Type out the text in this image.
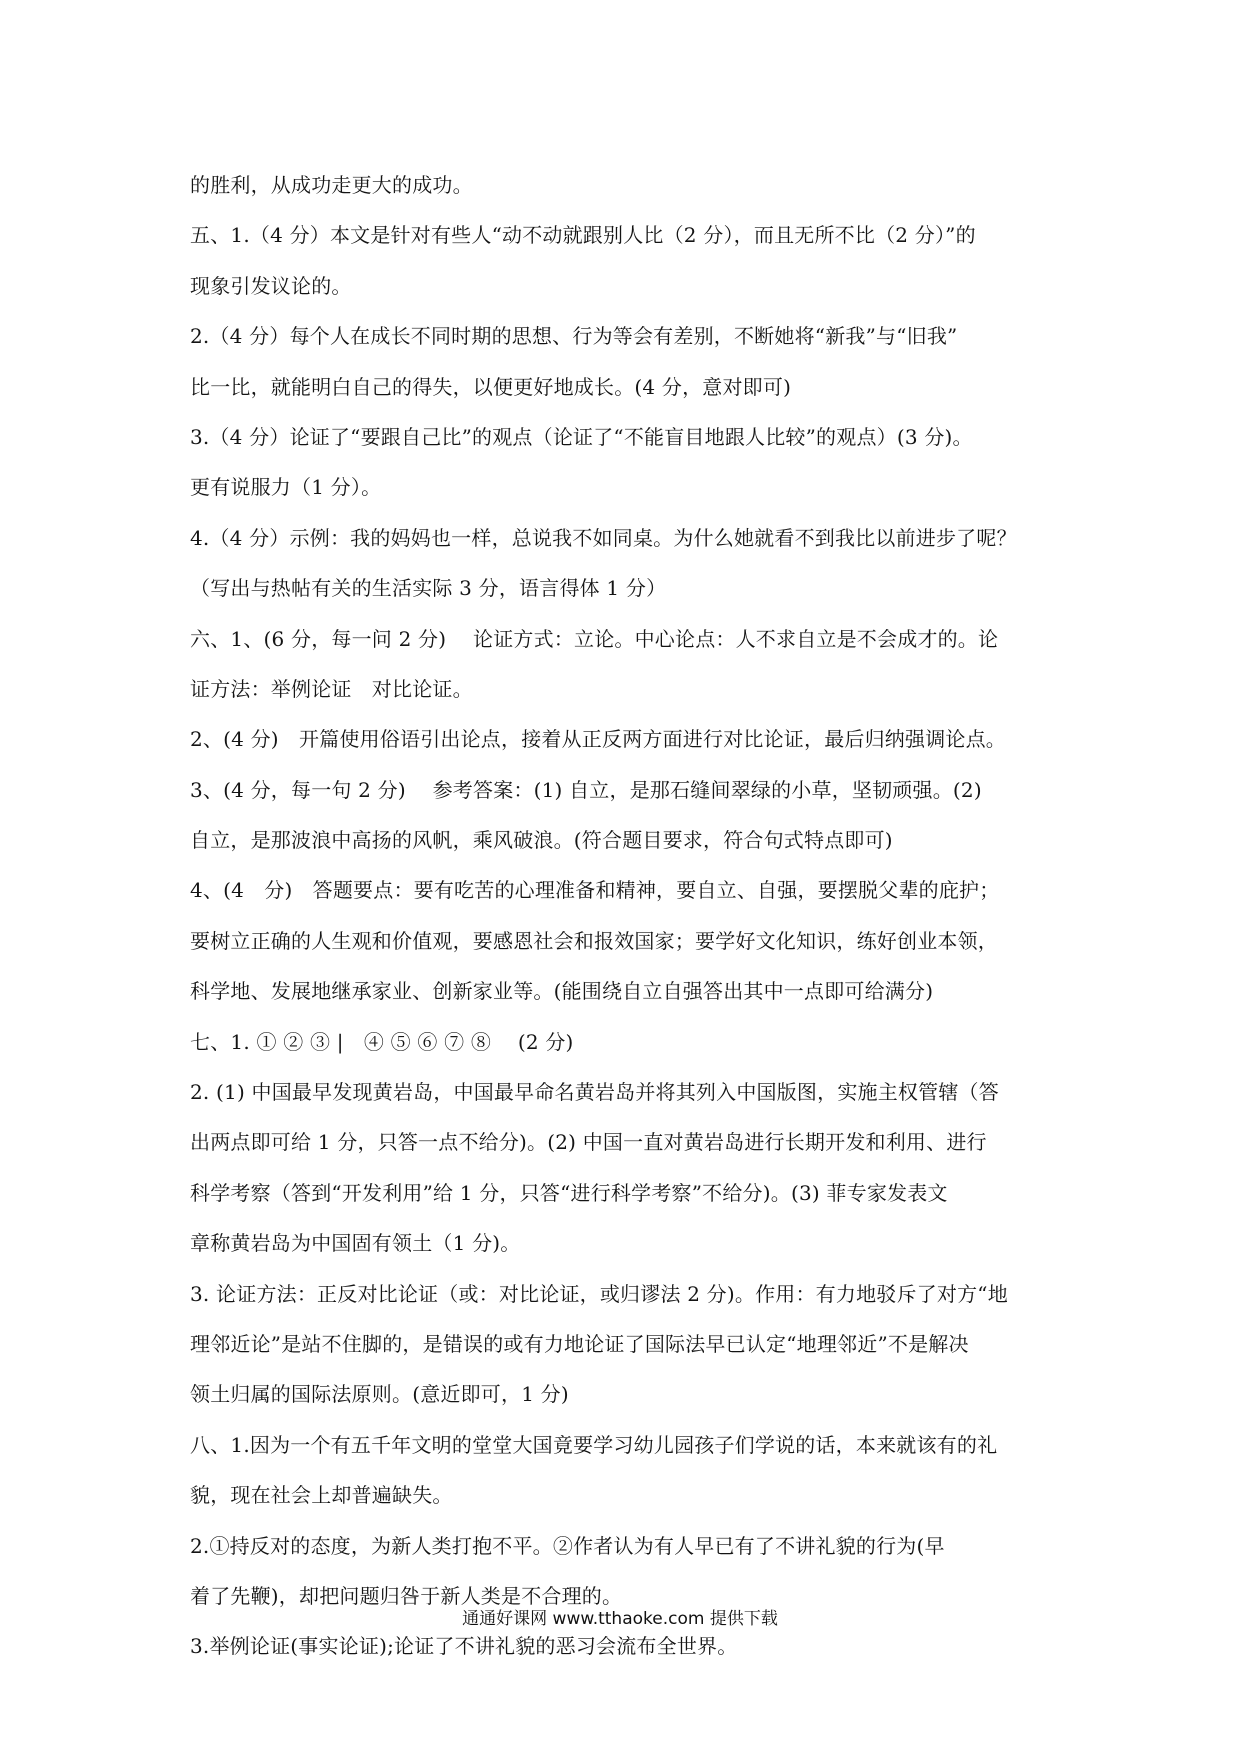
的胜利，从成功走更大的成功。
五、1.（4 分）本文是针对有些人“动不动就跟别人比（2 分），而且无所不比（2 分）”的
现象引发议论的。
2.（4 分）每个人在成长不同时期的思想、行为等会有差别，不断她将“新我”与“旧我”
比一比，就能明白自己的得失，以便更好地成长。(4 分，意对即可)
3.（4 分）论证了“要跟自己比”的观点（论证了“不能盲目地跟人比较”的观点）(3 分)。
更有说服力（1 分）。
4.（4 分）示例：我的妈妈也一样，总说我不如同桌。为什么她就看不到我比以前进步了呢？
（写出与热帖有关的生活实际 3 分，语言得体 1 分）
六、1、(6 分，每一问 2 分)　 论证方式：立论。中心论点：人不求自立是不会成才的。论
证方法：举例论证　对比论证。
2、(4 分)　开篇使用俗语引出论点，接着从正反两方面进行对比论证，最后归纳强调论点。
3、(4 分，每一句 2 分)　 参考答案：(1) 自立，是那石缝间翠绿的小草，坚韧顽强。(2)
自立，是那波浪中高扬的风帆，乘风破浪。(符合题目要求，符合句式特点即可)
4、(4　分)　答题要点：要有吃苦的心理准备和精神，要自立、自强，要摆脱父辈的庇护；
要树立正确的人生观和价值观，要感恩社会和报效国家；要学好文化知识，练好创业本领，
科学地、发展地继承家业、创新家业等。(能围绕自立自强答出其中一点即可给满分)
七、1. ① ② ③ |　④ ⑤ ⑥ ⑦ ⑧　 (2 分)
2. (1) 中国最早发现黄岩岛，中国最早命名黄岩岛并将其列入中国版图，实施主权管辖（答
出两点即可给 1 分，只答一点不给分)。(2) 中国一直对黄岩岛进行长期开发和利用、进行
科学考察（答到“开发利用”给 1 分，只答“进行科学考察”不给分)。(3) 菲专家发表文
章称黄岩岛为中国固有领土（1 分)。
3. 论证方法：正反对比论证（或：对比论证，或归谬法 2 分)。作用：有力地驳斥了对方“地
理邻近论”是站不住脚的，是错误的或有力地论证了国际法早已认定“地理邻近”不是解决
领土归属的国际法原则。(意近即可，1 分)
八、1.因为一个有五千年文明的堂堂大国竟要学习幼儿园孩子们学说的话，本来就该有的礼
貌，现在社会上却普遍缺失。
2.①持反对的态度，为新人类打抱不平。②作者认为有人早已有了不讲礼貌的行为(早
着了先鞭)，却把问题归咎于新人类是不合理的。
3.举例论证(事实论证);论证了不讲礼貌的恶习会流布全世界。
通通好课网 www.tthaoke.com 提供下载
